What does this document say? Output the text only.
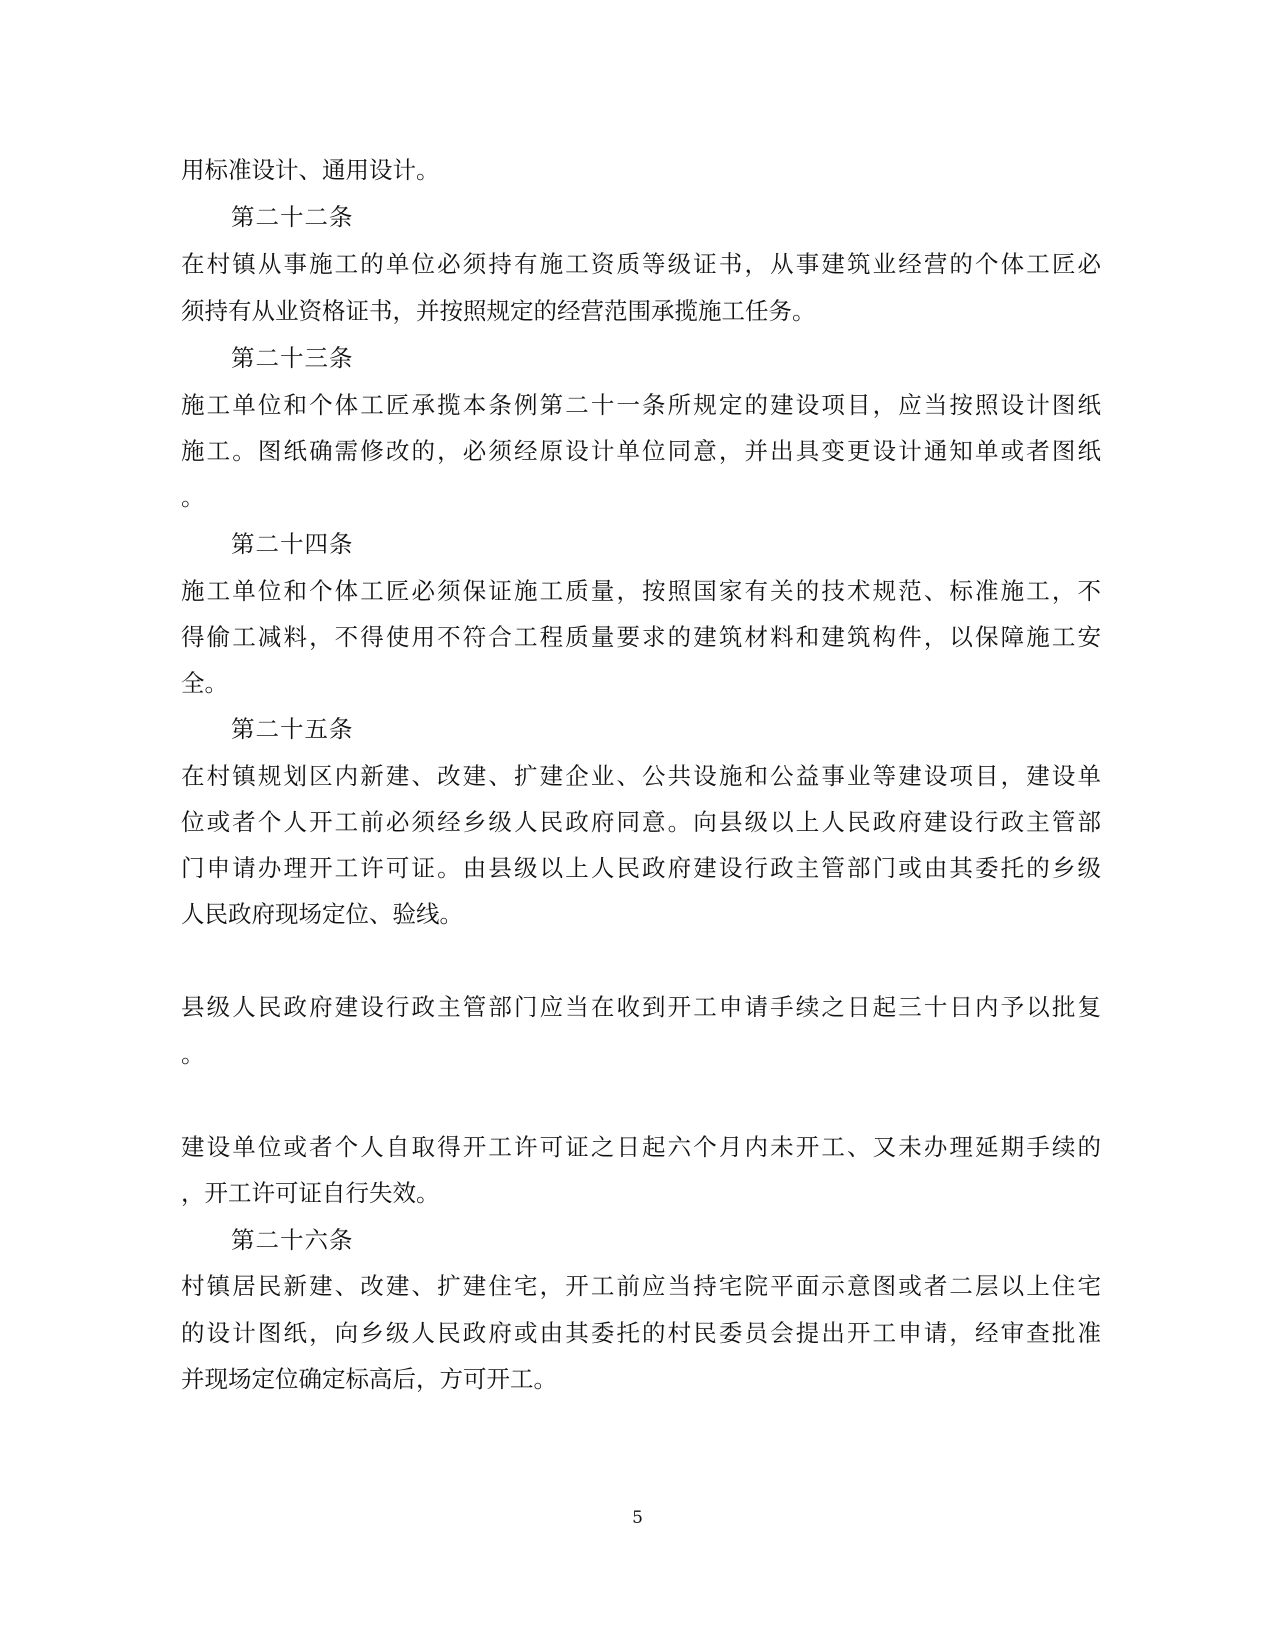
用标准设计、通用设计。
第二十二条
在村镇从事施工的单位必须持有施工资质等级证书，从事建筑业经营的个体工匠必
须持有从业资格证书，并按照规定的经营范围承揽施工任务。
第二十三条
施工单位和个体工匠承揽本条例第二十一条所规定的建设项目，应当按照设计图纸
施工。图纸确需修改的，必须经原设计单位同意，并出具变更设计通知单或者图纸
。
第二十四条
施工单位和个体工匠必须保证施工质量，按照国家有关的技术规范、标准施工，不
得偷工减料，不得使用不符合工程质量要求的建筑材料和建筑构件，以保障施工安
全。
第二十五条
在村镇规划区内新建、改建、扩建企业、公共设施和公益事业等建设项目，建设单
位或者个人开工前必须经乡级人民政府同意。向县级以上人民政府建设行政主管部
门申请办理开工许可证。由县级以上人民政府建设行政主管部门或由其委托的乡级
人民政府现场定位、验线。
县级人民政府建设行政主管部门应当在收到开工申请手续之日起三十日内予以批复
。
建设单位或者个人自取得开工许可证之日起六个月内未开工、又未办理延期手续的
，开工许可证自行失效。
第二十六条
村镇居民新建、改建、扩建住宅，开工前应当持宅院平面示意图或者二层以上住宅
的设计图纸，向乡级人民政府或由其委托的村民委员会提出开工申请，经审查批准
并现场定位确定标高后，方可开工。
5
